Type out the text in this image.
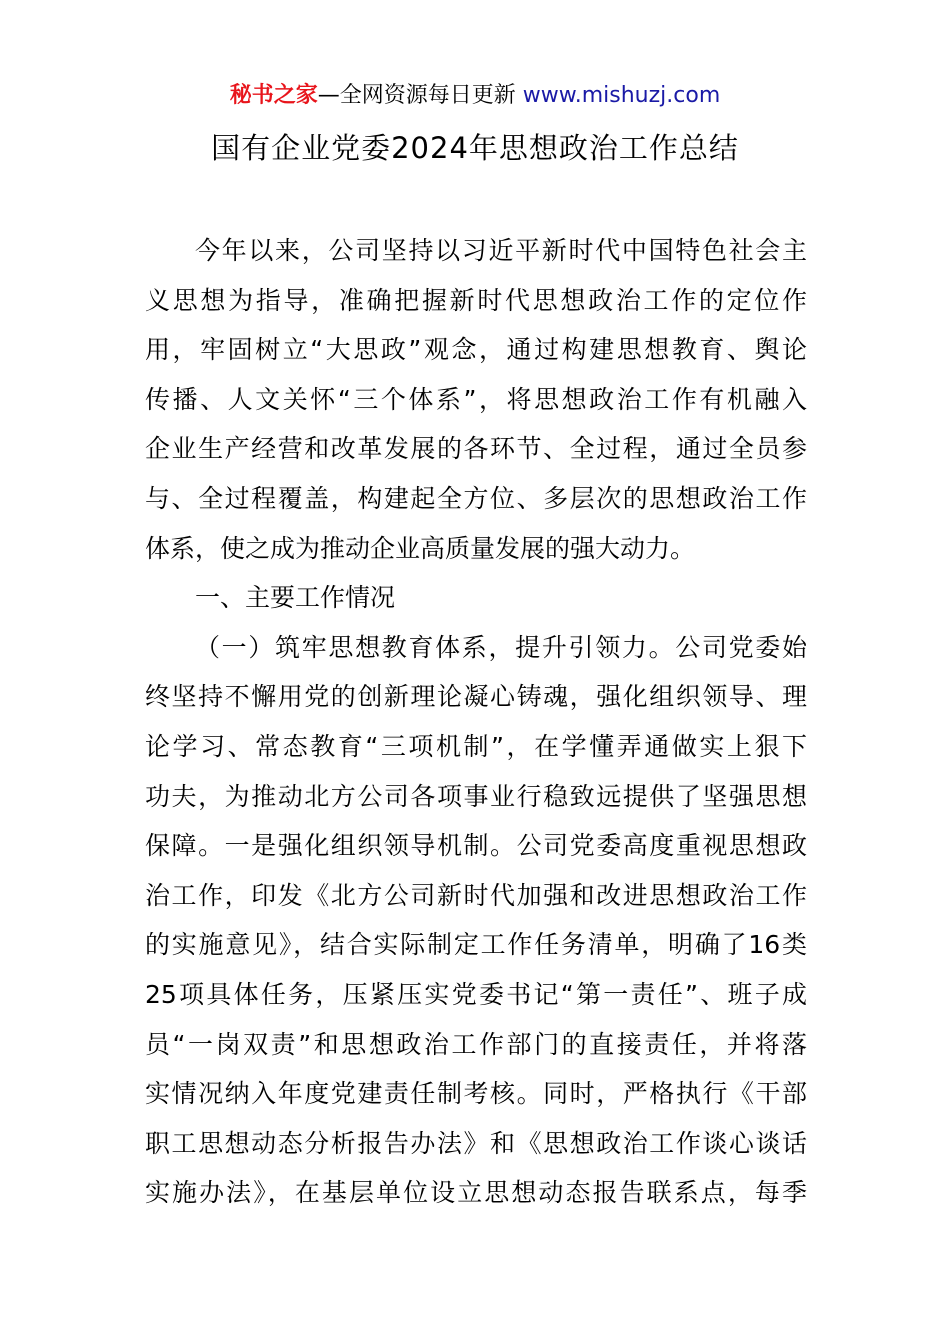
秘书之家—全网资源每日更新 www.mishuzj.com
国有企业党委2024年思想政治工作总结
今年以来，公司坚持以习近平新时代中国特色社会主
义思想为指导，准确把握新时代思想政治工作的定位作
用，牢固树立“大思政”观念，通过构建思想教育、舆论
传播、人文关怀“三个体系”，将思想政治工作有机融入
企业生产经营和改革发展的各环节、全过程，通过全员参
与、全过程覆盖，构建起全方位、多层次的思想政治工作
体系，使之成为推动企业高质量发展的强大动力。
一、主要工作情况
（一）筑牢思想教育体系，提升引领力。公司党委始
终坚持不懈用党的创新理论凝心铸魂，强化组织领导、理
论学习、常态教育“三项机制”，在学懂弄通做实上狠下
功夫，为推动北方公司各项事业行稳致远提供了坚强思想
保障。一是强化组织领导机制。公司党委高度重视思想政
治工作，印发《北方公司新时代加强和改进思想政治工作
的实施意见》，结合实际制定工作任务清单，明确了16类
25项具体任务，压紧压实党委书记“第一责任”、班子成
员“一岗双责”和思想政治工作部门的直接责任，并将落
实情况纳入年度党建责任制考核。同时，严格执行《干部
职工思想动态分析报告办法》和《思想政治工作谈心谈话
实施办法》，在基层单位设立思想动态报告联系点，每季
